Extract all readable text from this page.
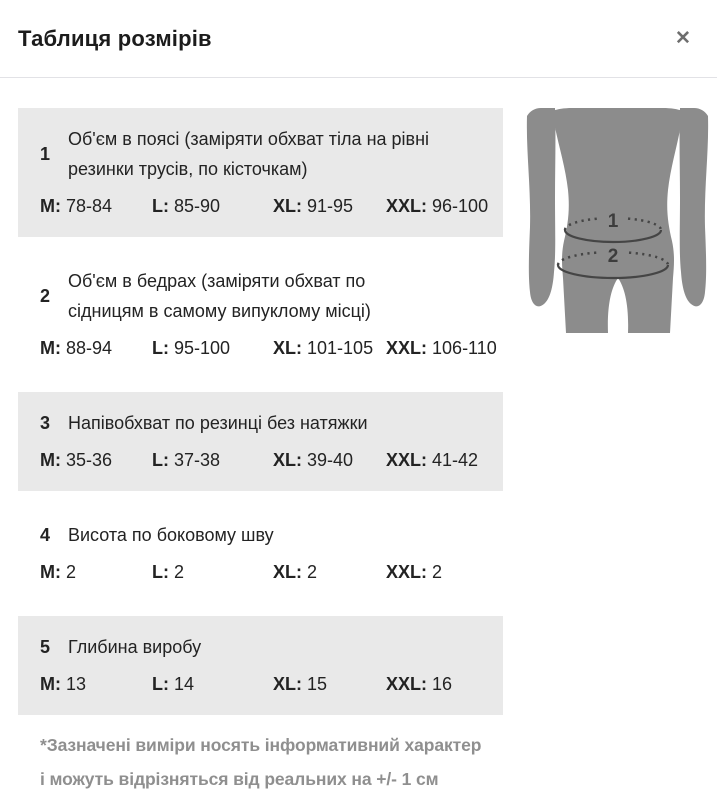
Таблиця розмірів	✕
1
Об'єм в поясі (заміряти обхват тіла на рівні
резинки трусів, по кісточкам)
M: 78-84	L: 85-90	XL: 91-95	XXL: 96-100
2
Об'єм в бедрах (заміряти обхват по
сідницям в самому випуклому місці)
M: 88-94	L: 95-100	XL: 101-105 XXL: 106-110
3 Напівобхват по резинці без натяжки
M: 35-36	L: 37-38	XL: 39-40	XXL: 41-42
4 Висота по боковому шву
M: 2	L: 2	XL: 2	XXL: 2
5 Глибина виробу
M: 13	L: 14	XL: 15	XXL: 16
1
2

*Зазначені виміри носять інформативний характер
і можуть відрізняться від реальних на +/- 1 см
